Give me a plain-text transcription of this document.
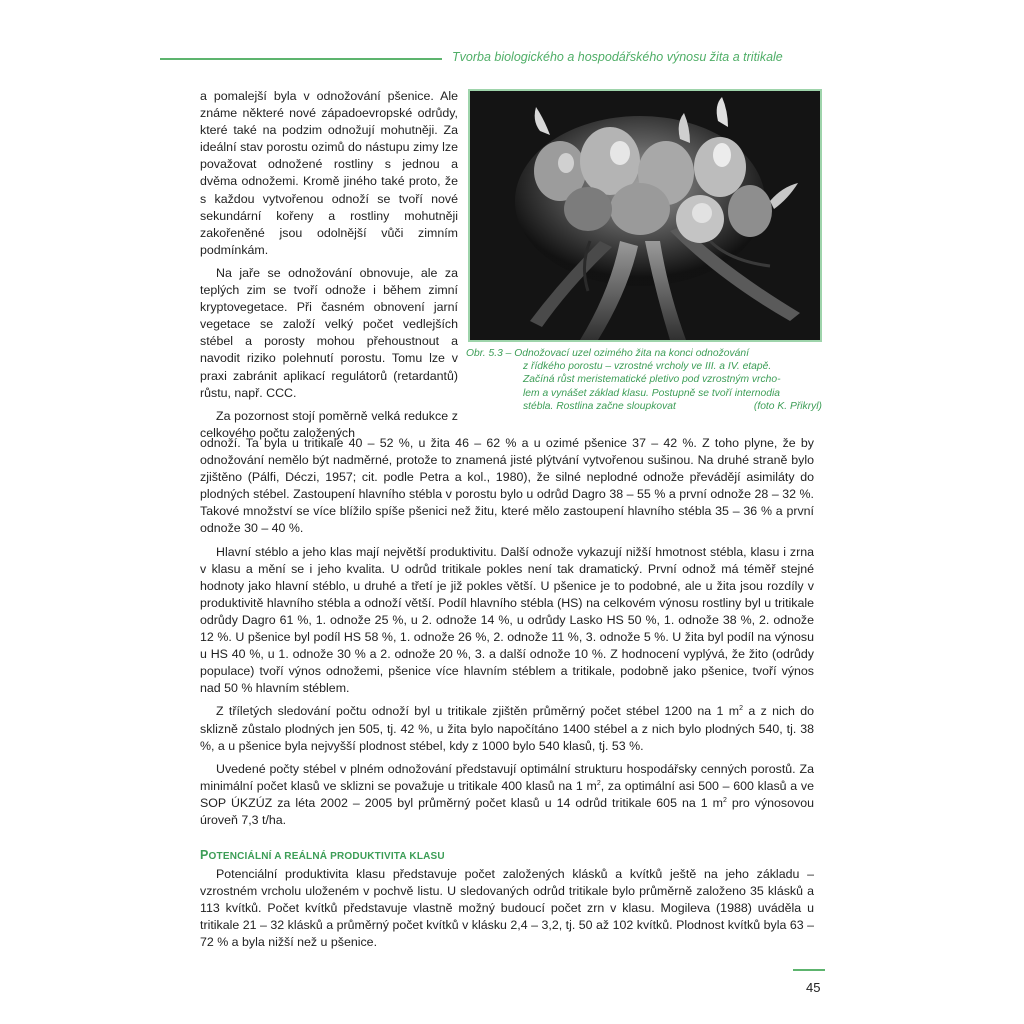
Tvorba biologického a hospodářského výnosu žita a tritikale
Obr. 5.3 – Odnožovací uzel ozimého žita na konci odnožování
z řídkého porostu – vzrostné vrcholy ve III. a IV. etapě.
Začíná růst meristematické pletivo pod vzrostným vrcho-
lem a vynášet základ klasu. Postupně se tvoří internodia
stébla. Rostlina začne sloupkovat	(foto K. Přikryl)

a pomalejší byla v odnožování pšenice. Ale známe některé nové západoevropské odrůdy, které také na podzim odnožují mohutněji. Za ideální stav porostu ozimů do nástupu zimy lze považovat odnožené rostliny s jednou a dvěma odnožemi. Kromě jiného také proto, že s každou vytvořenou odnoží se tvoří nové sekundární kořeny a rostliny mohutněji zakořeněné jsou odolnější vůči zimním podmínkám.

Na jaře se odnožování obnovuje, ale za teplých zim se tvoří odnože i během zimní kryptovegetace. Při časném obnovení jarní vegetace se založí velký počet vedlejších stébel a porosty mohou přehoustnout a navodit riziko polehnutí porostu. Tomu lze v praxi zabránit aplikací regulátorů (retardantů) růstu, např. CCC.

Za pozornost stojí poměrně velká redukce z celkového počtu založených

odnoží. Ta byla u tritikale 40 – 52 %, u žita 46 – 62 % a u ozimé pšenice 37 – 42 %. Z toho plyne, že by odnožování nemělo být nadměrné, protože to znamená jisté plýtvání vytvořenou sušinou. Na druhé straně bylo zjištěno (Pálfi, Déczi, 1957; cit. podle Petra a kol., 1980), že silné neplodné odnože převádějí asimiláty do plodných stébel. Zastoupení hlavního stébla v porostu bylo u odrůd Dagro 38 – 55 % a první odnože 28 – 32 %. Takové množství se více blížilo spíše pšenici než žitu, které mělo zastoupení hlavního stébla 35 – 36 % a první odnože 30 – 40 %.

Hlavní stéblo a jeho klas mají největší produktivitu. Další odnože vykazují nižší hmotnost stébla, klasu i zrna v klasu a mění se i jeho kvalita. U odrůd tritikale pokles není tak dramatický. První odnož má téměř stejné hodnoty jako hlavní stéblo, u druhé a třetí je již pokles větší. U pšenice je to podobné, ale u žita jsou rozdíly v produktivitě hlavního stébla a odnoží větší. Podíl hlavního stébla (HS) na celkovém výnosu rostliny byl u tritikale odrůdy Dagro 61 %, 1. odnože 25 %, u 2. odnože 14 %, u odrůdy Lasko HS 50 %, 1. odnože 38 %, 2. odnože 12 %. U pšenice byl podíl HS 58 %, 1. odnože 26 %, 2. odnože 11 %, 3. odnože 5 %. U žita byl podíl na výnosu u HS 40 %, u 1. odnože 30 % a 2. odnože 20 %, 3. a další odnože 10 %. Z hodnocení vyplývá, že žito (odrůdy populace) tvoří výnos odnožemi, pšenice více hlavním stéblem a tritikale, podobně jako pšenice, tvoří výnos nad 50 % hlavním stéblem.

Z tříletých sledování počtu odnoží byl u tritikale zjištěn průměrný počet stébel 1200 na 1 $m^2$ a z nich do sklizně zůstalo plodných jen 505, tj. 42 %, u žita bylo napočítáno 1400 stébel a z nich bylo plodných 540, tj. 38 %, a u pšenice byla nejvyšší plodnost stébel, kdy z 1000 bylo 540 klasů, tj. 53 %.

Uvedené počty stébel v plném odnožování představují optimální strukturu hospodářsky cenných porostů. Za minimální počet klasů ve sklizni se považuje u tritikale 400 klasů na 1 $m^2$, za optimální asi 500 – 600 klasů a ve SOP ÚKZÚZ za léta 2002 – 2005 byl průměrný počet klasů u 14 odrůd tritikale 605 na 1 $m^2$ pro výnosovou úroveň 7,3 t/ha.

POTENCIÁLNÍ A REÁLNÁ PRODUKTIVITA KLASU

Potenciální produktivita klasu představuje počet založených klásků a kvítků ještě na jeho základu – vzrostném vrcholu uloženém v pochvě listu. U sledovaných odrůd tritikale bylo průměrně založeno 35 klásků a 113 kvítků. Počet kvítků představuje vlastně možný budoucí počet zrn v klasu. Mogileva (1988) uváděla u tritikale 21 – 32 klásků a průměrný počet kvítků v klásku 2,4 – 3,2, tj. 50 až 102 kvítků. Plodnost kvítků byla 63 – 72 % a byla nižší než u pšenice.

45
